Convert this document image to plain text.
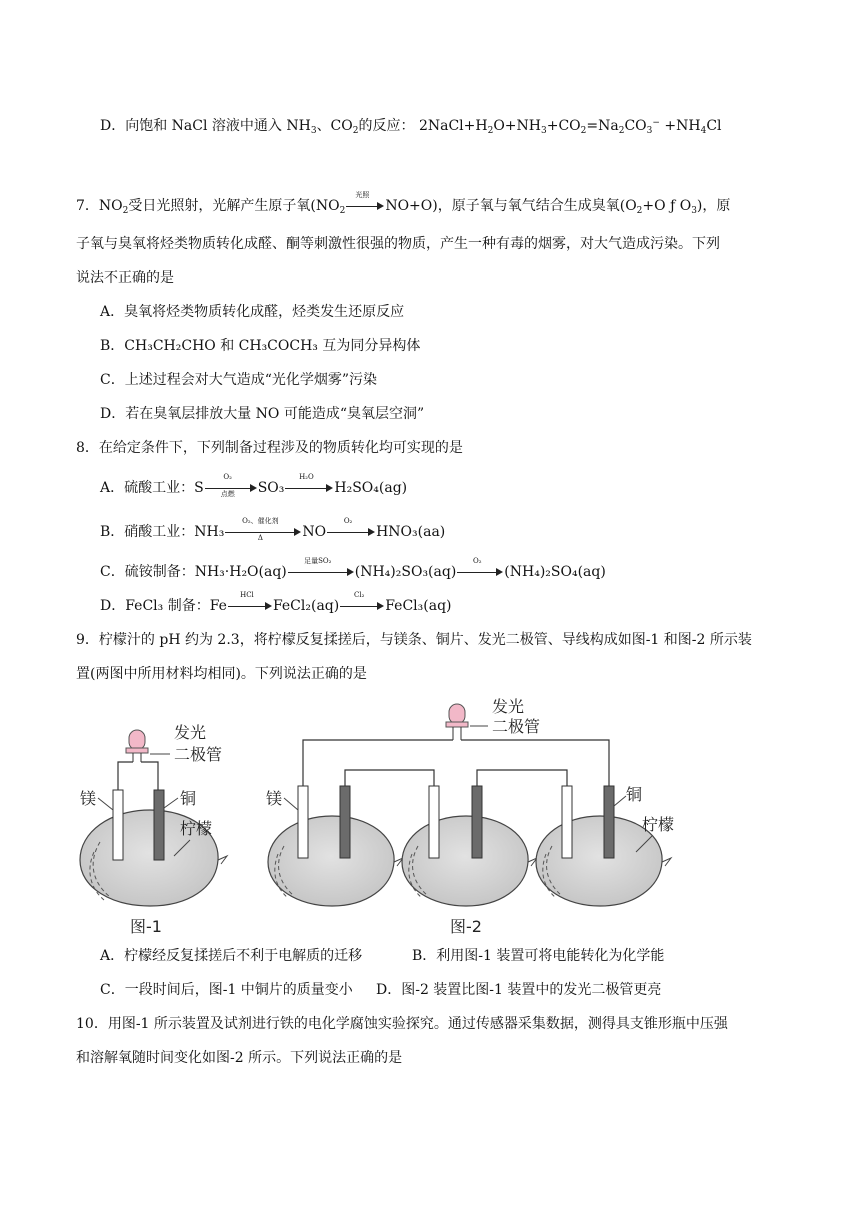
D．向饱和 NaCl 溶液中通入 $NH_3$、$CO_2$的反应： $2NaCl+H_2O+NH_3+CO_2=Na_2CO_3^- +NH_4Cl$
7．$NO_2$受日光照射，光解产生原子氧($NO_2$
光照
NO+O)，原子氧与氧气结合生成臭氧($O_2+O$ ƒ $O_3$)，原
子氧与臭氧将烃类物质转化成醛、酮等刺激性很强的物质，产生一种有毒的烟雾，对大气造成污染。下列
说法不正确的是
A．臭氧将烃类物质转化成醛，烃类发生还原反应
B．CH₃CH₂CHO 和 CH₃COCH₃ 互为同分异构体
C．上述过程会对大气造成“光化学烟雾”污染
D．若在臭氧层排放大量 NO 可能造成“臭氧层空洞”
8．在给定条件下，下列制备过程涉及的物质转化均可实现的是
A．硫酸工业：S
O₂
点燃	SO₃
H₂O
H₂SO₄(ag)
B．硝酸工业：NH₃
O₂、催化剂
Δ	NO
O₂
HNO₃(aa)
C．硫铵制备：NH₃·H₂O(aq)
足量SO₂
(NH₄)₂SO₃(aq)
O₂
(NH₄)₂SO₄(aq)
D．FeCl₃ 制备：Fe
HCl
FeCl₂(aq)
Cl₂
FeCl₃(aq)
9．柠檬汁的 pH 约为 2.3，将柠檬反复揉搓后，与镁条、铜片、发光二极管、导线构成如图-1 和图-2 所示装
置(两图中所用材料均相同)。下列说法正确的是
发光
二极管
镁	铜
柠檬
图-1
发光
二极管
镁	铜
柠檬
图-2
A．柠檬经反复揉搓后不利于电解质的迁移	B．利用图-1 装置可将电能转化为化学能
C．一段时间后，图-1 中铜片的质量变小 D．图-2 装置比图-1 装置中的发光二极管更亮
10．用图-1 所示装置及试剂进行铁的电化学腐蚀实验探究。通过传感器采集数据，测得具支锥形瓶中压强
和溶解氧随时间变化如图-2 所示。下列说法正确的是
